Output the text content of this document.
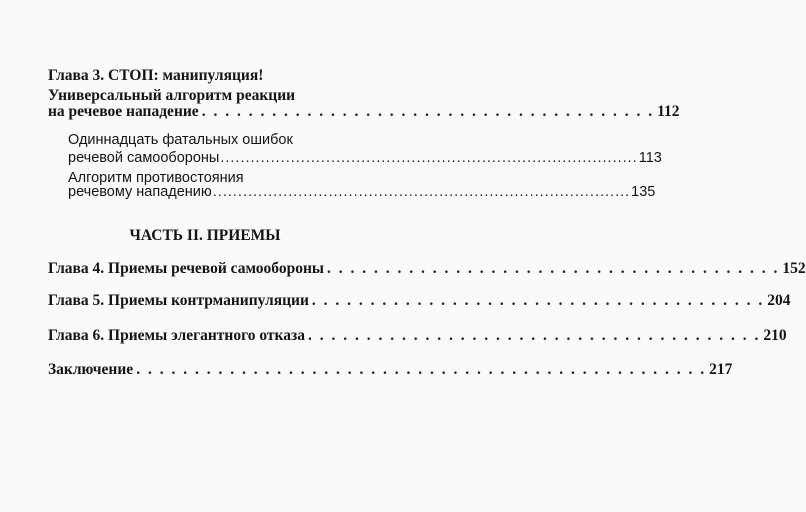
Глава 3. СТОП: манипуляция!

Универсальный алгоритм реакции

на речевое нападение . . . . . . . . . . . . . . . . . . . . . . . . . . . . . . . . . . . . . . . 112

Одиннадцать фатальных ошибок

речевой самообороны ................................................................................... 113

Алгоритм противостояния

речевому нападению ................................................................................... 135

ЧАСТЬ II. ПРИЕМЫ

Глава 4. Приемы речевой самообороны . . . . . . . . . . . . . . . . . . . . . . . . . . . . . . . . . . . . . . . 152
Глава 5. Приемы контрманипуляции . . . . . . . . . . . . . . . . . . . . . . . . . . . . . . . . . . . . . . . 204
Глава 6. Приемы элегантного отказа . . . . . . . . . . . . . . . . . . . . . . . . . . . . . . . . . . . . . . . 210
Заключение . . . . . . . . . . . . . . . . . . . . . . . . . . . . . . . . . . . . . . . . . . . . . . . . . 217
